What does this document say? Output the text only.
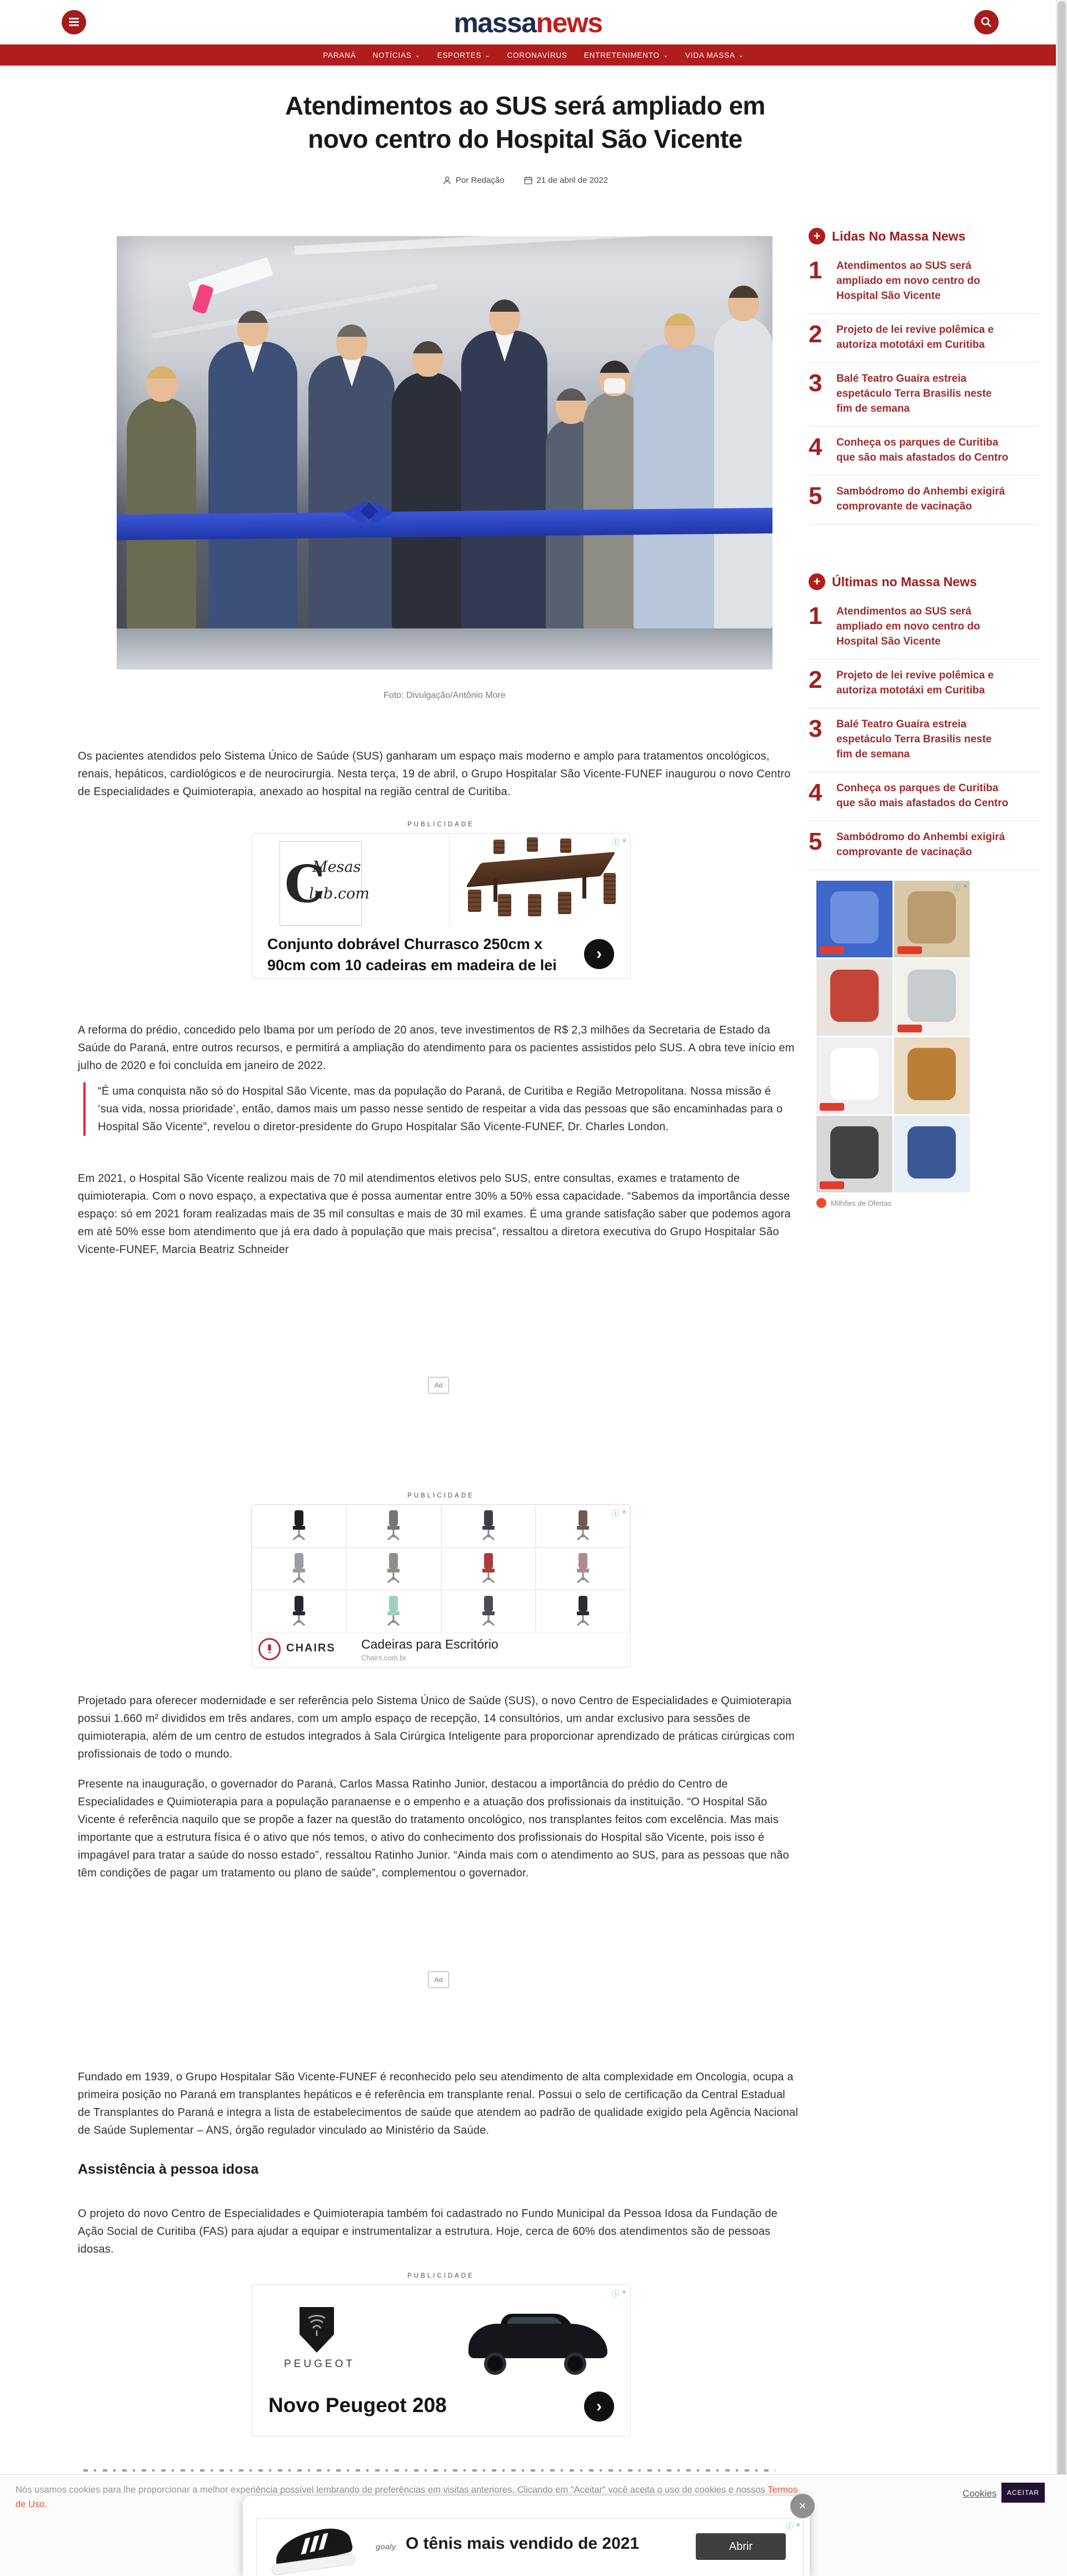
massanews
PARANÁ NOTÍCIAS ⌄ ESPORTES ⌄ CORONAVÍRUS ENTRETENIMENTO ⌄ VIDA MASSA ⌄
Atendimentos ao SUS será ampliado em
novo centro do Hospital São Vicente
Por Redação	21 de abril de 2022
Foto: Divulgação/Antônio More
Os pacientes atendidos pelo Sistema Único de Saúde (SUS) ganharam um espaço mais moderno e amplo para tratamentos oncológicos, renais, hepáticos, cardiológicos e de neurocirurgia. Nesta terça, 19 de abril, o Grupo Hospitalar São Vicente-FUNEF inaugurou o novo Centro de Especialidades e Quimioterapia, anexado ao hospital na região central de Curitiba.
PUBLICIDADE
ⓘ ×
C
Mesas
lub.com
Conjunto dobrável Churrasco 250cm x 90cm com 10 cadeiras em madeira de lei
›
A reforma do prédio, concedido pelo Ibama por um período de 20 anos, teve investimentos de R$ 2,3 milhões da Secretaria de Estado da Saúde do Paraná, entre outros recursos, e permitirá a ampliação do atendimento para os pacientes assistidos pelo SUS. A obra teve início em julho de 2020 e foi concluída em janeiro de 2022.
“É uma conquista não só do Hospital São Vicente, mas da população do Paraná, de Curitiba e Região Metropolitana. Nossa missão é ‘sua vida, nossa prioridade’, então, damos mais um passo nesse sentido de respeitar a vida das pessoas que são encaminhadas para o Hospital São Vicente”, revelou o diretor-presidente do Grupo Hospitalar São Vicente-FUNEF, Dr. Charles London.
Em 2021, o Hospital São Vicente realizou mais de 70 mil atendimentos eletivos pelo SUS, entre consultas, exames e tratamento de quimioterapia. Com o novo espaço, a expectativa que é possa aumentar entre 30% a 50% essa capacidade. “Sabemos da importância desse espaço: só em 2021 foram realizadas mais de 35 mil consultas e mais de 30 mil exames. É uma grande satisfação saber que podemos agora em até 50% esse bom atendimento que já era dado à população que mais precisa”, ressaltou a diretora executiva do Grupo Hospitalar São Vicente-FUNEF, Marcia Beatriz Schneider
Ad
PUBLICIDADE
ⓘ ×
CHAIRS Cadeiras para Escritório
Chairs.com.br
Projetado para oferecer modernidade e ser referência pelo Sistema Único de Saúde (SUS), o novo Centro de Especialidades e Quimioterapia possui 1.660 m² divididos em três andares, com um amplo espaço de recepção, 14 consultórios, um andar exclusivo para sessões de quimioterapia, além de um centro de estudos integrados à Sala Cirúrgica Inteligente para proporcionar aprendizado de práticas cirúrgicas com profissionais de todo o mundo.
Presente na inauguração, o governador do Paraná, Carlos Massa Ratinho Junior, destacou a importância do prédio do Centro de Especialidades e Quimioterapia para a população paranaense e o empenho e a atuação dos profissionais da instituição. “O Hospital São Vicente é referência naquilo que se propõe a fazer na questão do tratamento oncológico, nos transplantes feitos com excelência. Mas mais importante que a estrutura física é o ativo que nós temos, o ativo do conhecimento dos profissionais do Hospital são Vicente, pois isso é impagável para tratar a saúde do nosso estado”, ressaltou Ratinho Junior. “Ainda mais com o atendimento ao SUS, para as pessoas que não têm condições de pagar um tratamento ou plano de saúde”, complementou o governador.
Ad
Fundado em 1939, o Grupo Hospitalar São Vicente-FUNEF é reconhecido pelo seu atendimento de alta complexidade em Oncologia, ocupa a primeira posição no Paraná em transplantes hepáticos e é referência em transplante renal. Possui o selo de certificação da Central Estadual de Transplantes do Paraná e integra a lista de estabelecimentos de saúde que atendem ao padrão de qualidade exigido pela Agência Nacional de Saúde Suplementar – ANS, órgão regulador vinculado ao Ministério da Saúde.
Assistência à pessoa idosa
O projeto do novo Centro de Especialidades e Quimioterapia também foi cadastrado no Fundo Municipal da Pessoa Idosa da Fundação de Ação Social de Curitiba (FAS) para ajudar a equipar e instrumentalizar a estrutura. Hoje, cerca de 60% dos atendimentos são de pessoas idosas.
PUBLICIDADE
ⓘ ×
PEUGEOT
Novo Peugeot 208	›
+ Lidas No Massa News
1	Atendimentos ao SUS será ampliado em novo centro do Hospital São Vicente
2	Projeto de lei revive polêmica e autoriza mototáxi em Curitiba
3	Balé Teatro Guaíra estreia espetáculo Terra Brasilis neste fim de semana
4	Conheça os parques de Curitiba que são mais afastados do Centro
5	Sambódromo do Anhembi exigirá comprovante de vacinação
+ Últimas no Massa News
1	Atendimentos ao SUS será ampliado em novo centro do Hospital São Vicente
2	Projeto de lei revive polêmica e autoriza mototáxi em Curitiba
3	Balé Teatro Guaíra estreia espetáculo Terra Brasilis neste fim de semana
4	Conheça os parques de Curitiba que são mais afastados do Centro
5	Sambódromo do Anhembi exigirá comprovante de vacinação
ⓘ ×
Milhões de Ofertas
Nós usamos cookies para lhe proporcionar a melhor experiência possível lembrando de preferências em visitas anteriores. Clicando em "Aceitar" você aceita o uso de cookies e nossos Termos de Uso.
Cookies	ACEITAR
ⓘ ×
goaly O tênis mais vendido de 2021	Abrir
×
